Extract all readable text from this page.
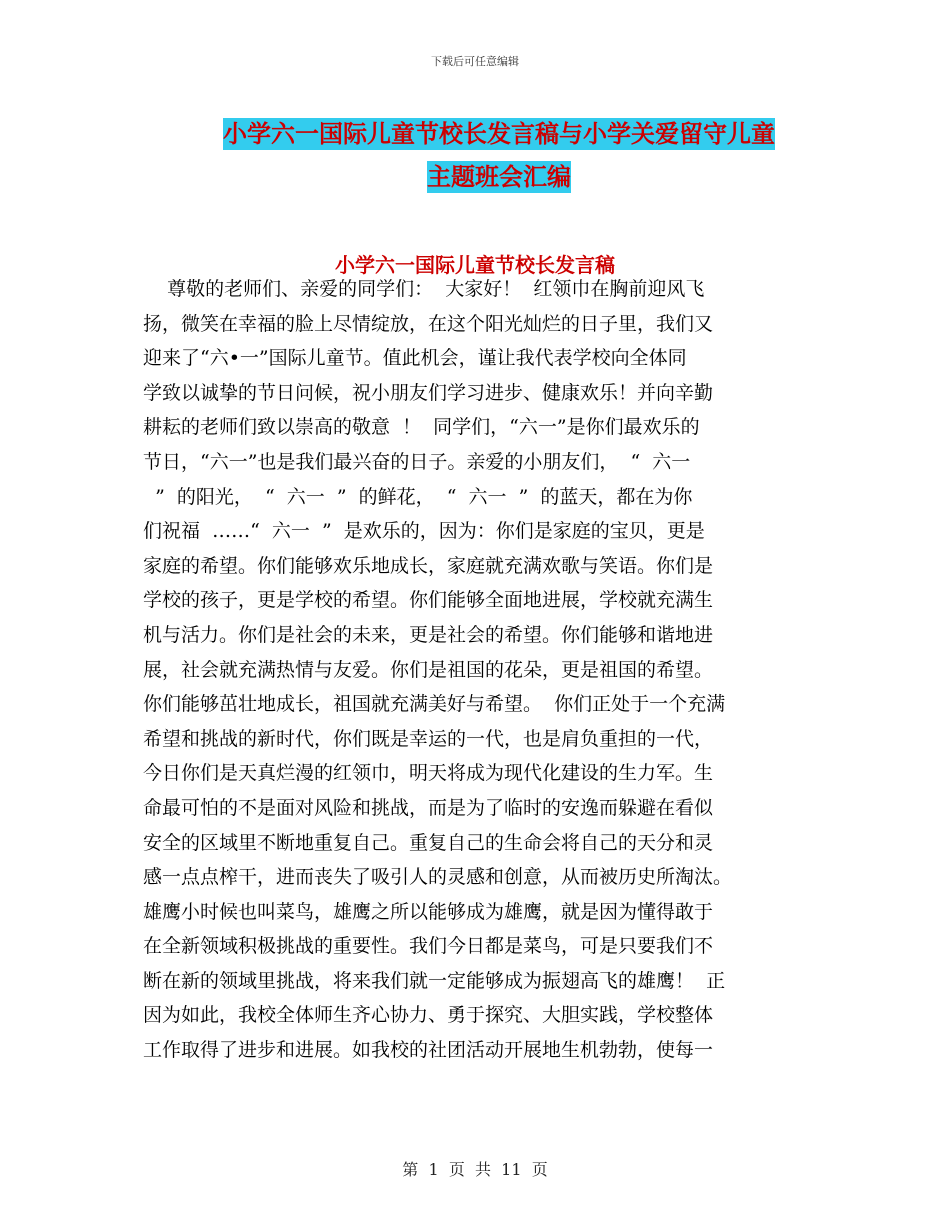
下载后可任意编辑
小学六一国际儿童节校长发言稿与小学关爱留守儿童
主题班会汇编
小学六一国际儿童节校长发言稿
尊敬的老师们、亲爱的同学们：  大家好！  红领巾在胸前迎风飞
扬，微笑在幸福的脸上尽情绽放，在这个阳光灿烂的日子里，我们又
迎来了“六•一”国际儿童节。值此机会，谨让我代表学校向全体同
学致以诚挚的节日问候，祝小朋友们学习进步、健康欢乐！并向辛勤
耕耘的老师们致以崇高的敬意  ！  同学们，“六一”是你们最欢乐的
节日，“六一”也是我们最兴奋的日子。亲爱的小朋友们，  “  六一
”  的阳光，  “  六一  ”  的鲜花，  “  六一  ”  的蓝天，都在为你
们祝福  ……“  六一  ”  是欢乐的，因为：你们是家庭的宝贝，更是
家庭的希望。你们能够欢乐地成长，家庭就充满欢歌与笑语。你们是
学校的孩子，更是学校的希望。你们能够全面地进展，学校就充满生
机与活力。你们是社会的未来，更是社会的希望。你们能够和谐地进
展，社会就充满热情与友爱。你们是祖国的花朵，更是祖国的希望。
你们能够茁壮地成长，祖国就充满美好与希望。  你们正处于一个充满
希望和挑战的新时代，你们既是幸运的一代，也是肩负重担的一代，
今日你们是天真烂漫的红领巾，明天将成为现代化建设的生力军。生
命最可怕的不是面对风险和挑战，而是为了临时的安逸而躲避在看似
安全的区域里不断地重复自己。重复自己的生命会将自己的天分和灵
感一点点榨干，进而丧失了吸引人的灵感和创意，从而被历史所淘汰。
雄鹰小时候也叫菜鸟，雄鹰之所以能够成为雄鹰，就是因为懂得敢于
在全新领域积极挑战的重要性。我们今日都是菜鸟，可是只要我们不
断在新的领域里挑战，将来我们就一定能够成为振翅高飞的雄鹰！  正
因为如此，我校全体师生齐心协力、勇于探究、大胆实践，学校整体
工作取得了进步和进展。如我校的社团活动开展地生机勃勃，使每一
第  1  页  共  11  页
